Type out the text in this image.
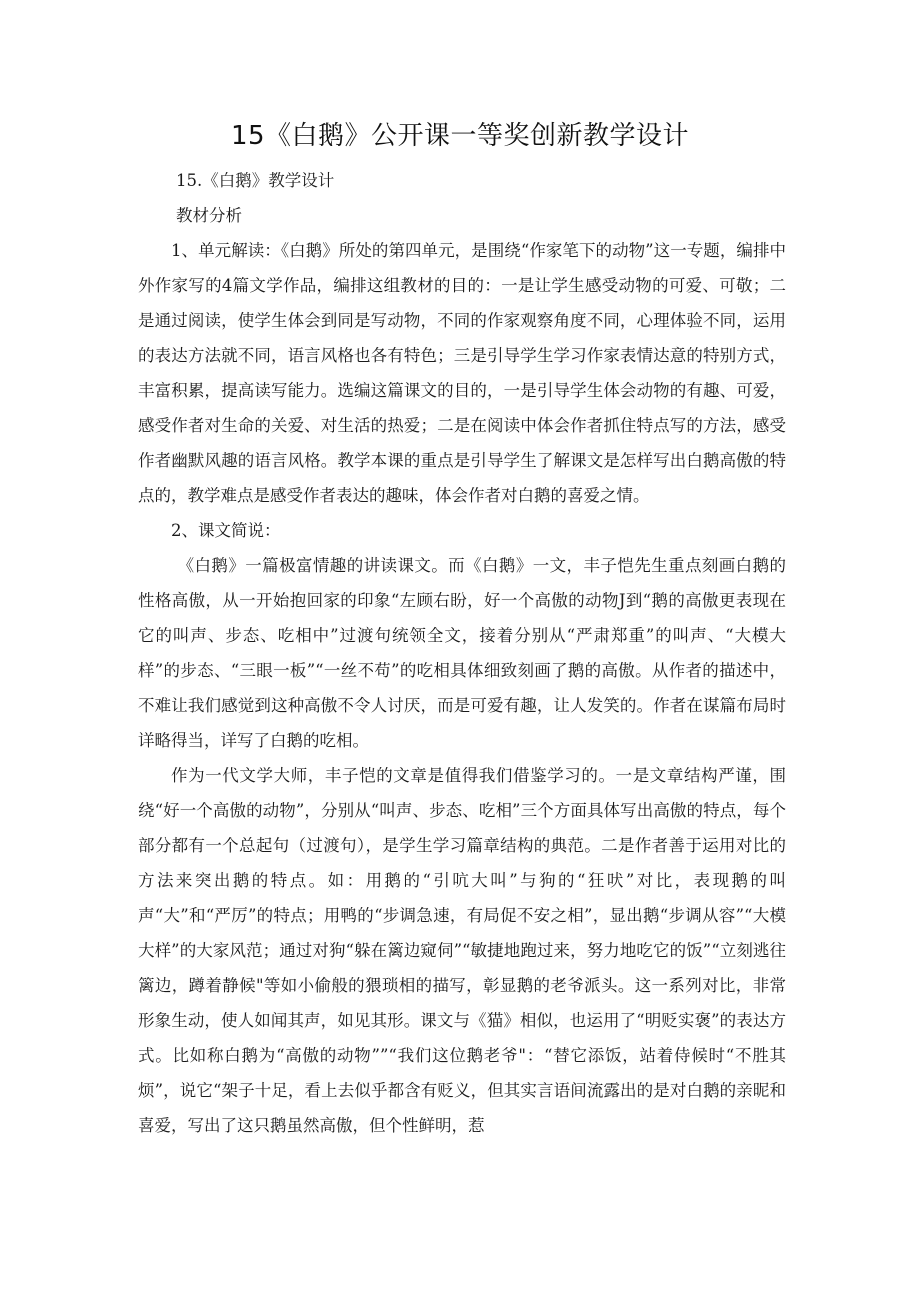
15《白鹅》公开课一等奖创新教学设计
15.《白鹅》教学设计
教材分析

1、单元解读：《白鹅》所处的第四单元，是围绕“作家笔下的动物”这一专题，编排中外作家写的4篇文学作品，编排这组教材的目的：一是让学生感受动物的可爱、可敬；二是通过阅读，使学生体会到同是写动物，不同的作家观察角度不同，心理体验不同，运用的表达方法就不同，语言风格也各有特色；三是引导学生学习作家表情达意的特别方式，丰富积累，提高读写能力。选编这篇课文的目的，一是引导学生体会动物的有趣、可爱，感受作者对生命的关爱、对生活的热爱；二是在阅读中体会作者抓住特点写的方法，感受作者幽默风趣的语言风格。教学本课的重点是引导学生了解课文是怎样写出白鹅高傲的特点的，教学难点是感受作者表达的趣味，体会作者对白鹅的喜爱之情。

2、课文简说：

《白鹅》一篇极富情趣的讲读课文。而《白鹅》一文，丰子恺先生重点刻画白鹅的性格高傲，从一开始抱回家的印象“左顾右盼，好一个高傲的动物J到“鹅的高傲更表现在它的叫声、步态、吃相中”过渡句统领全文，接着分别从“严肃郑重”的叫声、“大模大样”的步态、“三眼一板”“一丝不苟”的吃相具体细致刻画了鹅的高傲。从作者的描述中，不难让我们感觉到这种高傲不令人讨厌，而是可爱有趣，让人发笑的。作者在谋篇布局时详略得当，详写了白鹅的吃相。

作为一代文学大师，丰子恺的文章是值得我们借鉴学习的。一是文章结构严谨，围绕“好一个高傲的动物”，分别从“叫声、步态、吃相”三个方面具体写出高傲的特点，每个部分都有一个总起句（过渡句），是学生学习篇章结构的典范。二是作者善于运用对比的方法来突出鹅的特点。如：用鹅的“引吭大叫”与狗的“狂吠”对比，表现鹅的叫声“大”和“严厉”的特点；用鸭的“步调急速，有局促不安之相”，显出鹅“步调从容”“大模大样”的大家风范；通过对狗“躲在篱边窥伺”“敏捷地跑过来，努力地吃它的饭”“立刻逃往篱边，蹲着静候"等如小偷般的猥琐相的描写，彰显鹅的老爷派头。这一系列对比，非常形象生动，使人如闻其声，如见其形。课文与《猫》相似，也运用了“明贬实褒”的表达方式。比如称白鹅为“高傲的动物””“我们这位鹅老爷"：“替它添饭，站着侍候时“不胜其烦”，说它“架子十足，看上去似乎都含有贬义，但其实言语间流露出的是对白鹅的亲昵和喜爱，写出了这只鹅虽然高傲，但个性鲜明，惹
